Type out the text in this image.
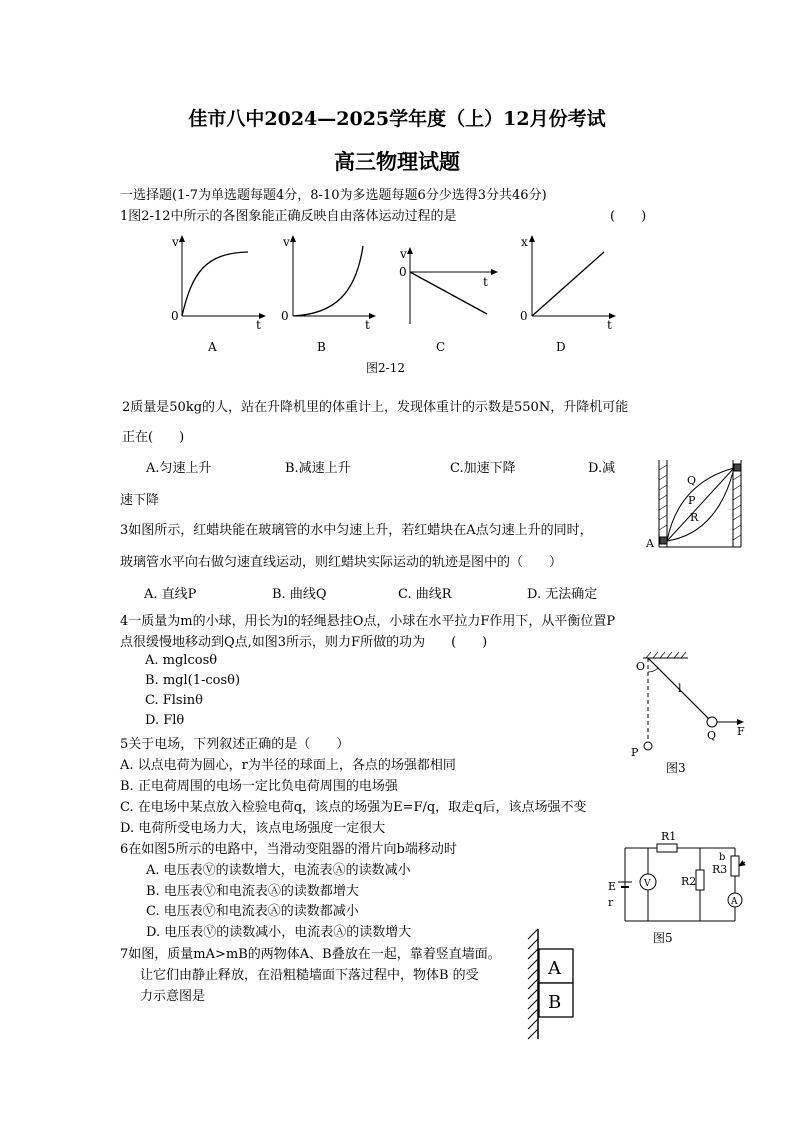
佳市八中2024—2025学年度（上）12月份考试
高三物理试题
一选择题(1-7为单选题每题4分，8-10为多选题每题6分少选得3分共46分)
1图2-12中所示的各图象能正确反映自由落体运动过程的是	(　　)
v
t
0
A
v
t
0
B
v
t
0
C
x
t
0
D
图2-12
2质量是50kg的人，站在升降机里的体重计上，发现体重计的示数是550N，升降机可能
正在(　　)
A.匀速上升	B.减速上升	C.加速下降	D.减
速下降
3如图所示，红蜡块能在玻璃管的水中匀速上升，若红蜡块在A点匀速上升的同时，
玻璃管水平向右做匀速直线运动，则红蜡块实际运动的轨迹是图中的（　　）
A. 直线P	B. 曲线Q	C. 曲线R	D. 无法确定
Q
P
R
A
4一质量为m的小球，用长为l的轻绳悬挂O点，小球在水平拉力F作用下，从平衡位置P
点很缓慢地移动到Q点,如图3所示，则力F所做的功为　　(　　)
A. mglcosθ
B. mgl(1-cosθ)
C. Flsinθ
D. Flθ
O
l
P
Q F
图3
5关于电场，下列叙述正确的是（　　）
A. 以点电荷为圆心，r为半径的球面上，各点的场强都相同
B. 正电荷周围的电场一定比负电荷周围的电场强
C. 在电场中某点放入检验电荷q，该点的场强为E=F/q，取走q后，该点场强不变
D. 电荷所受电场力大，该点电场强度一定很大
6在如图5所示的电路中，当滑动变阻器的滑片向b端移动时
A. 电压表Ⓥ的读数增大，电流表Ⓐ的读数减小
B. 电压表Ⓥ和电流表Ⓐ的读数都增大
C. 电压表Ⓥ和电流表Ⓐ的读数都减小
D. 电压表Ⓥ的读数减小，电流表Ⓐ的读数增大
V
A
R1
R2
R3
b
E
r
图5
7如图，质量mA>mB的两物体A、B叠放在一起，靠着竖直墙面。
让它们由静止释放，在沿粗糙墙面下落过程中，物体B 的受
力示意图是
A
B
